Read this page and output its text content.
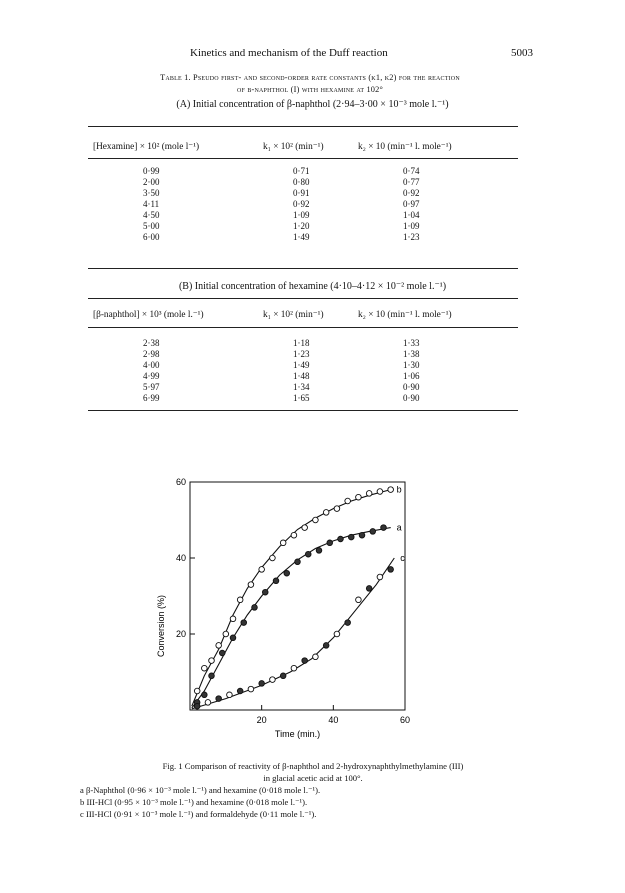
Kinetics and mechanism of the Duff reaction	5003
Table 1. Pseudo first- and second-order rate constants (k1, k2) for the reaction
of β-naphthol (I) with hexamine at 102°
(A) Initial concentration of β-naphthol (2·94–3·00 × 10⁻³ mole l.⁻¹)
[Hexamine] × 10² (mole l⁻¹)	k₁ × 10² (min⁻¹)	k₂ × 10 (min⁻¹ l. mole⁻¹)
0·99	0·71	0·74
2·00	0·80	0·77
3·50	0·91	0·92
4·11	0·92	0·97
4·50	1·09	1·04
5·00	1·20	1·09
6·00	1·49	1·23
(B) Initial concentration of hexamine (4·10–4·12 × 10⁻² mole l.⁻¹)
[β-naphthol] × 10³ (mole l.⁻¹)	k₁ × 10² (min⁻¹)	k₂ × 10 (min⁻¹ l. mole⁻¹)
2·38	1·18	1·33
2·98	1·23	1·38
4·00	1·49	1·30
4·99	1·48	1·06
5·97	1·34	0·90
6·99	1·65	0·90
20	40	60
20
40
60
Time (min.)
Conversion (%)
b
a
c
Fig. 1 Comparison of reactivity of β-naphthol and 2-hydroxynaphthylmethylamine (III)
in glacial acetic acid at 100°.
a β-Naphthol (0·96 × 10⁻³ mole l.⁻¹) and hexamine (0·018 mole l.⁻¹).
b III-HCl (0·95 × 10⁻³ mole l.⁻¹) and hexamine (0·018 mole l.⁻¹).
c III-HCl (0·91 × 10⁻³ mole l.⁻¹) and formaldehyde (0·11 mole l.⁻¹).
